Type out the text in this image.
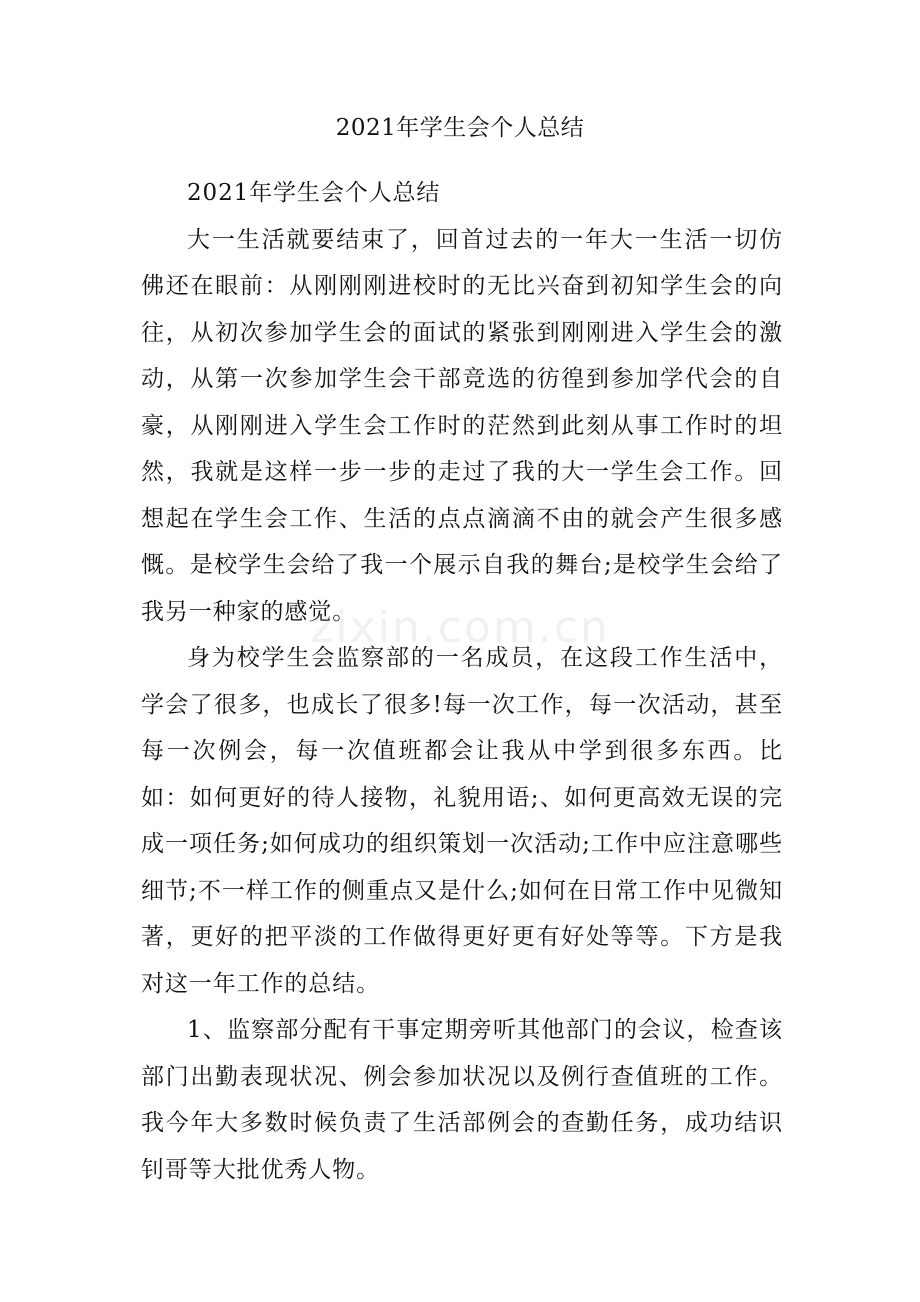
2021年学生会个人总结

2021年学生会个人总结

大一生活就要结束了，回首过去的一年大一生活一切仿佛还在眼前：从刚刚刚进校时的无比兴奋到初知学生会的向往，从初次参加学生会的面试的紧张到刚刚进入学生会的激动，从第一次参加学生会干部竞选的彷徨到参加学代会的自豪，从刚刚进入学生会工作时的茫然到此刻从事工作时的坦然，我就是这样一步一步的走过了我的大一学生会工作。回想起在学生会工作、生活的点点滴滴不由的就会产生很多感慨。是校学生会给了我一个展示自我的舞台;是校学生会给了我另一种家的感觉。

身为校学生会监察部的一名成员，在这段工作生活中，学会了很多，也成长了很多!每一次工作，每一次活动，甚至每一次例会，每一次值班都会让我从中学到很多东西。比如：如何更好的待人接物，礼貌用语;、如何更高效无误的完成一项任务;如何成功的组织策划一次活动;工作中应注意哪些细节;不一样工作的侧重点又是什么;如何在日常工作中见微知著，更好的把平淡的工作做得更好更有好处等等。下方是我对这一年工作的总结。

1、监察部分配有干事定期旁听其他部门的会议，检查该部门出勤表现状况、例会参加状况以及例行查值班的工作。我今年大多数时候负责了生活部例会的查勤任务，成功结识钊哥等大批优秀人物。

zixin.com.cn
